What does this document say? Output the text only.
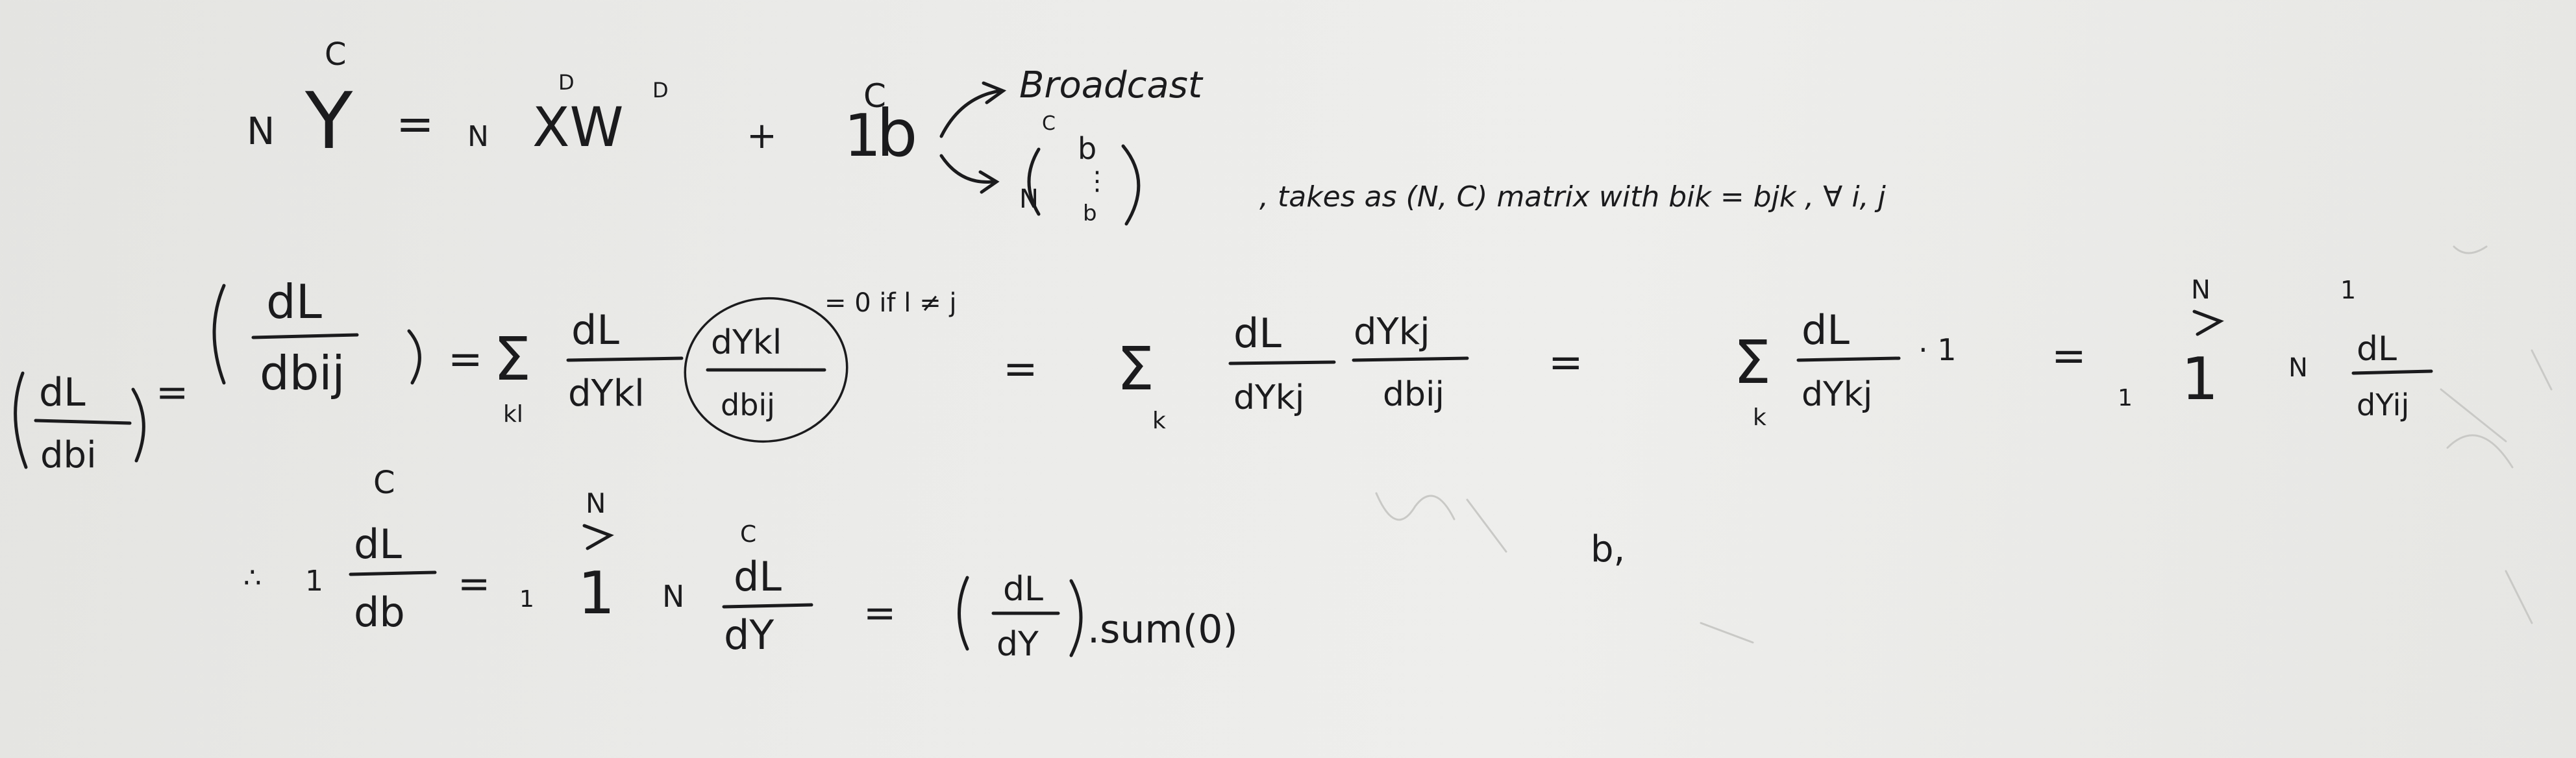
N
C
Y = N
D
XW
D
+
C
1
b
Broadcast
C
N
b
⋮
b	, takes as (N, C) matrix with bik = bjk , ∀ i, j
dL
dbi
=
dL
dbij = Σ
kl
dL
dYkl
dYkl
dbij
= 0 if l ≠ j
= Σ
k
dL
dYkj
dYkj
dbij
=	Σ
k
dL
dYkj
· 1 =
1
N
1	N
1
dL
dYij
∴ 1
C
dL
db
= 1
N
1 N
C
dL
dY =
dL
dY .sum(0)
b,
